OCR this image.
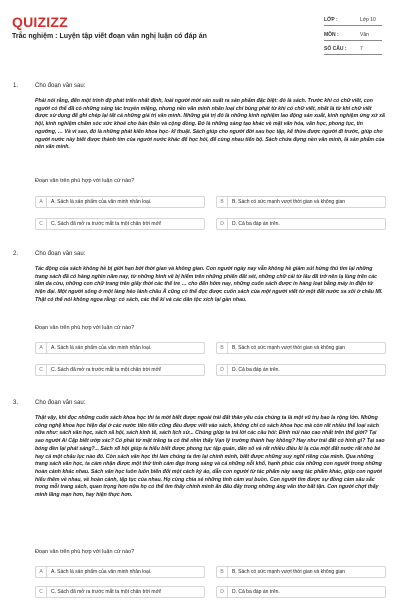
QUIZIZZ
Trắc nghiệm : Luyện tập viết đoạn văn nghị luận có đáp án
LỚP :	Lớp 10
MÔN :	Văn
SỐ CÂU :	7
1.	Cho đoạn văn sau:
Phải nói rằng, đến một trình độ phát triển nhất định, loài người mới sản xuất ra sản phẩm đặc biệt: đó là sách. Trước khi có chữ viết, con người có thể đã có những sáng tác truyền miệng, nhưng nền văn minh nhân loại chỉ bùng phát từ khi có chữ viết, nhất là từ khi chữ viết được sử dụng để ghi chép lại tất cả những giá trị văn minh. Những giá trị đó là những kinh nghiệm lao động sản xuất, kinh nghiệm ứng xử xã hội, kinh nghiệm chăm sóc sức khoẻ cho bản thân và cộng đồng. Đó là những sáng tạo khác về mặt văn hóa, văn học, phong tục, tín ngưỡng, … Và vì sao, đó là những phát kiến khoa học- kĩ thuật. Sách giúp cho người đời sau học tập, kế thừa được người đi trước, giúp cho người nước này biết được thành tim của người nước khác để học hỏi, để cùng nhau tiến bộ. Sách chứa đựng nền văn minh, là sản phẩm của nền văn minh.
Đoạn văn trên phù hợp với luận cứ nào?
A	A. Sách là sản phẩm của văn minh nhân loại.	B	B. Sách có sức mạnh vượt thời gian và không gian
C	C. Sách đã mở ra trước mắt ta một chân trời mới!	D	D. Cả ba đáp án trên.
2.	Cho đoạn văn sau:
Tác động của sách không hề bị giới hạn bởi thời gian và không gian. Con người ngày nay vẫn không hề giảm sút hứng thú tìm lại những trang sách đã có hàng nghìn năm nay, từ những hình vẽ bị hiểm trên những phiến đất sét, những chữ cái từ lâu đã trở nên lạ lùng trên các tấm da cừu, những con chữ trang trên giấy thời các thế tre … cho đến hôm nay, những cuốn sách được in hàng loạt bằng máy in điện tử hiện đại. Một người sống ở một làng hẻo lánh châu Á cũng có thể đọc được cuốn sách của một người viết từ một đất nước xa xôi ở châu Mĩ. Thật có thể nói không ngoa rằng: có sách, các thế kỉ và các dân tộc xích lại gần nhau.
Đoạn văn trên phù hợp với luận cứ nào?
A	A. Sách là sản phẩm của văn minh nhân loại.	B	B. Sách có sức mạnh vượt thời gian và không gian
C	C. Sách đã mở ra trước mắt ta một chân trời mới!	D	D. Cả ba đáp án trên.
3.	Cho đoạn văn sau:
Thật vậy, khi đọc những cuốn sách khoa học thì ta mới biết được ngoài trái đất thân yêu của chúng ta là một vũ trụ bao la rộng lớn. Những công nghệ khoa học hiện đại ở các nước tiên tiến cũng đều được viết vào sách, không chỉ có sách khoa học mà còn rất nhiều thể loại sách nữa như: sách văn học, sách xã hội, sách kinh tế, sách lịch sử... Chúng giúp ta trả lời các câu hỏi: Đỉnh núi nào cao nhất trên thế giới? Tại sao người Ai Cập biết ướp xác? Có phải từ mặt trăng ta có thể nhìn thấy Vạn lý trường thành hay không? Hay như trái đất có hình gì? Tại sao bóng đèn lại phát sáng?... Sách x8 hội giúp ta hiểu biết được phong tục tập quán, dân số và rất nhiều điều kì lạ của một đất nước rất nhỏ bé hay cả một châu lục nào đó. Còn sách văn học thì làm chúng ta tìm lại chính mình, biết được những suy nghĩ riêng của mình. Qua những trang sách văn học, ta cảm nhận được một thứ tình cảm đẹp trong sáng và cả những nỗi khổ, hạnh phúc của những con người trong những hoàn cảnh khác nhau. Sách văn học luôn luôn biến đổi một cách kỳ ảo, dẫn con người từ tác phẩm này sang tác phẩm khác, giúp con người hiểu thêm về nhau, về hoàn cảnh, tập tục của nhau. Họ cùng chia sẻ những tình cảm vui buồn. Con người tìm được sự đồng cảm sâu sắc trong mỗi trang sách, quan trọng hơn nữa họ có thể tìm thấy chính mình ẩn đâu đây trong những áng văn thơ bất tận. Con người chợt thấy mình lãng mạn hơn, hay hiện thực hơn.
Đoạn văn trên phù hợp với luận cứ nào?
A	A. Sách là sản phẩm của văn minh nhân loại.	B	B. Sách có sức mạnh vượt thời gian và không gian
C	C. Sách đã mở ra trước mắt ta một chân trời mới!	D	D. Cả ba đáp án trên.
